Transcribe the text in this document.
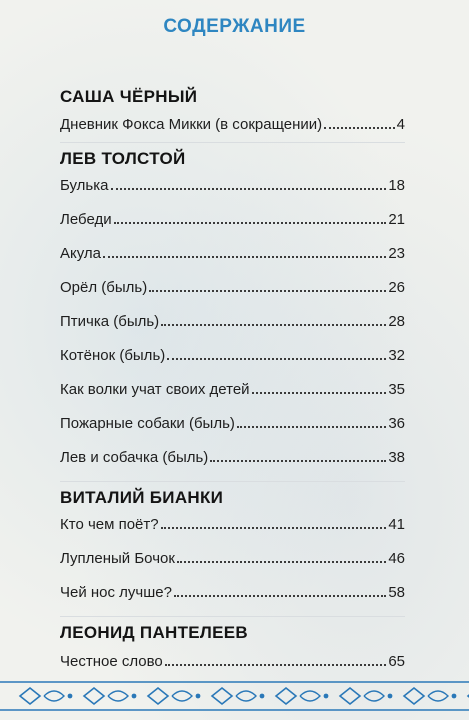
СОДЕРЖАНИЕ
САША ЧЁРНЫЙ
Дневник Фокса Микки (в сокращении)	4
ЛЕВ ТОЛСТОЙ
Булька	18
Лебеди	21
Акула	23
Орёл (быль)	26
Птичка (быль)	28
Котёнок (быль)	32
Как волки учат своих детей	35
Пожарные собаки (быль)	36
Лев и собачка (быль)	38
ВИТАЛИЙ БИАНКИ
Кто чем поёт?	41
Лупленый Бочок	46
Чей нос лучше?	58
ЛЕОНИД ПАНТЕЛЕЕВ
Честное слово	65
